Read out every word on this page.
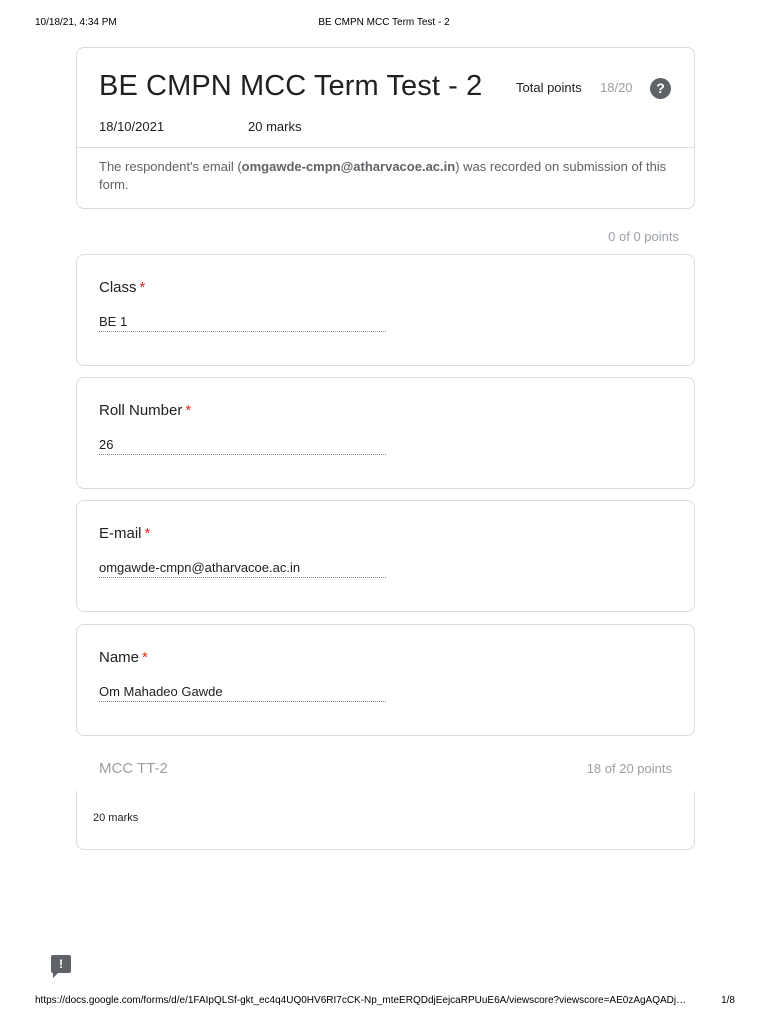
10/18/21, 4:34 PM	BE CMPN MCC Term Test - 2
BE CMPN MCC Term Test - 2	Total points 18/20	?
18/10/2021	20 marks
The respondent's email (omgawde-cmpn@atharvacoe.ac.in) was recorded on submission of this form.
0 of 0 points
Class *
BE 1
Roll Number *
26
E-mail *
omgawde-cmpn@atharvacoe.ac.in
Name *
Om Mahadeo Gawde
MCC TT-2	18 of 20 points
20 marks
!
https://docs.google.com/forms/d/e/1FAIpQLSf-gkt_ec4q4UQ0HV6RI7cCK-Np_mteERQDdjEejcaRPUuE6A/viewscore?viewscore=AE0zAgAQADj…	1/8
